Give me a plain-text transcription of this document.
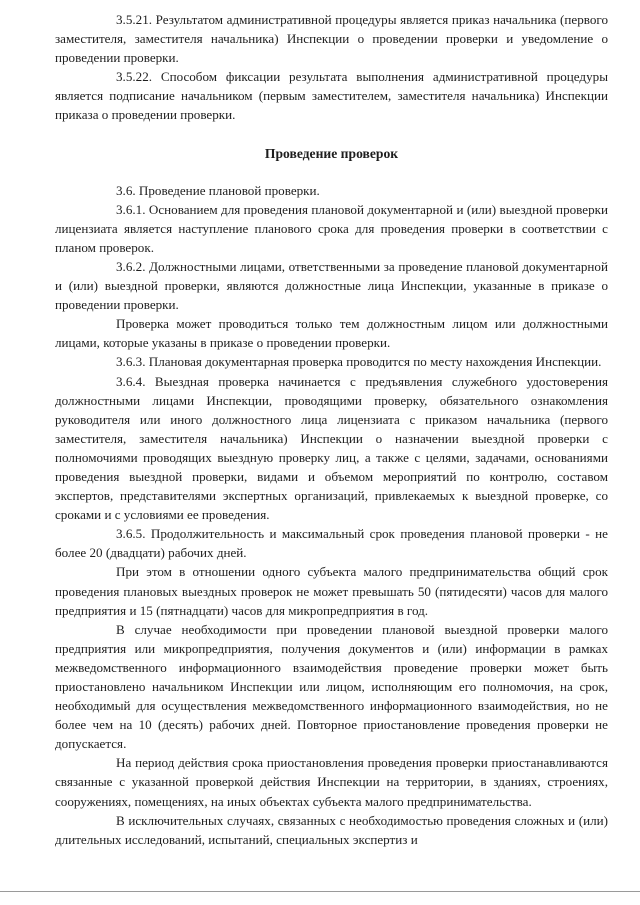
3.5.21. Результатом административной процедуры является приказ начальника (первого заместителя, заместителя начальника) Инспекции о проведении проверки и уведомление о проведении проверки.

3.5.22. Способом фиксации результата выполнения административной процедуры является подписание начальником (первым заместителем, заместителя начальника) Инспекции приказа о проведении проверки.

Проведение проверок

3.6. Проведение плановой проверки.

3.6.1. Основанием для проведения плановой документарной и (или) выездной проверки лицензиата является наступление планового срока для проведения проверки в соответствии с планом проверок.

3.6.2. Должностными лицами, ответственными за проведение плановой документарной и (или) выездной проверки, являются должностные лица Инспекции, указанные в приказе о проведении проверки.

Проверка может проводиться только тем должностным лицом или должностными лицами, которые указаны в приказе о проведении проверки.

3.6.3. Плановая документарная проверка проводится по месту нахождения Инспекции.

3.6.4. Выездная проверка начинается с предъявления служебного удостоверения должностными лицами Инспекции, проводящими проверку, обязательного ознакомления руководителя или иного должностного лица лицензиата с приказом начальника (первого заместителя, заместителя начальника) Инспекции о назначении выездной проверки с полномочиями проводящих выездную проверку лиц, а также с целями, задачами, основаниями проведения выездной проверки, видами и объемом мероприятий по контролю, составом экспертов, представителями экспертных организаций, привлекаемых к выездной проверке, со сроками и с условиями ее проведения.

3.6.5. Продолжительность и максимальный срок проведения плановой проверки - не более 20 (двадцати) рабочих дней.

При этом в отношении одного субъекта малого предпринимательства общий срок проведения плановых выездных проверок не может превышать 50 (пятидесяти) часов для малого предприятия и 15 (пятнадцати) часов для микропредприятия в год.

В случае необходимости при проведении плановой выездной проверки малого предприятия или микропредприятия, получения документов и (или) информации в рамках межведомственного информационного взаимодействия проведение проверки может быть приостановлено начальником Инспекции или лицом, исполняющим его полномочия, на срок, необходимый для осуществления межведомственного информационного взаимодействия, но не более чем на 10 (десять) рабочих дней. Повторное приостановление проведения проверки не допускается.

На период действия срока приостановления проведения проверки приостанавливаются связанные с указанной проверкой действия Инспекции на территории, в зданиях, строениях, сооружениях, помещениях, на иных объектах субъекта малого предпринимательства.

В исключительных случаях, связанных с необходимостью проведения сложных и (или) длительных исследований, испытаний, специальных экспертиз и
